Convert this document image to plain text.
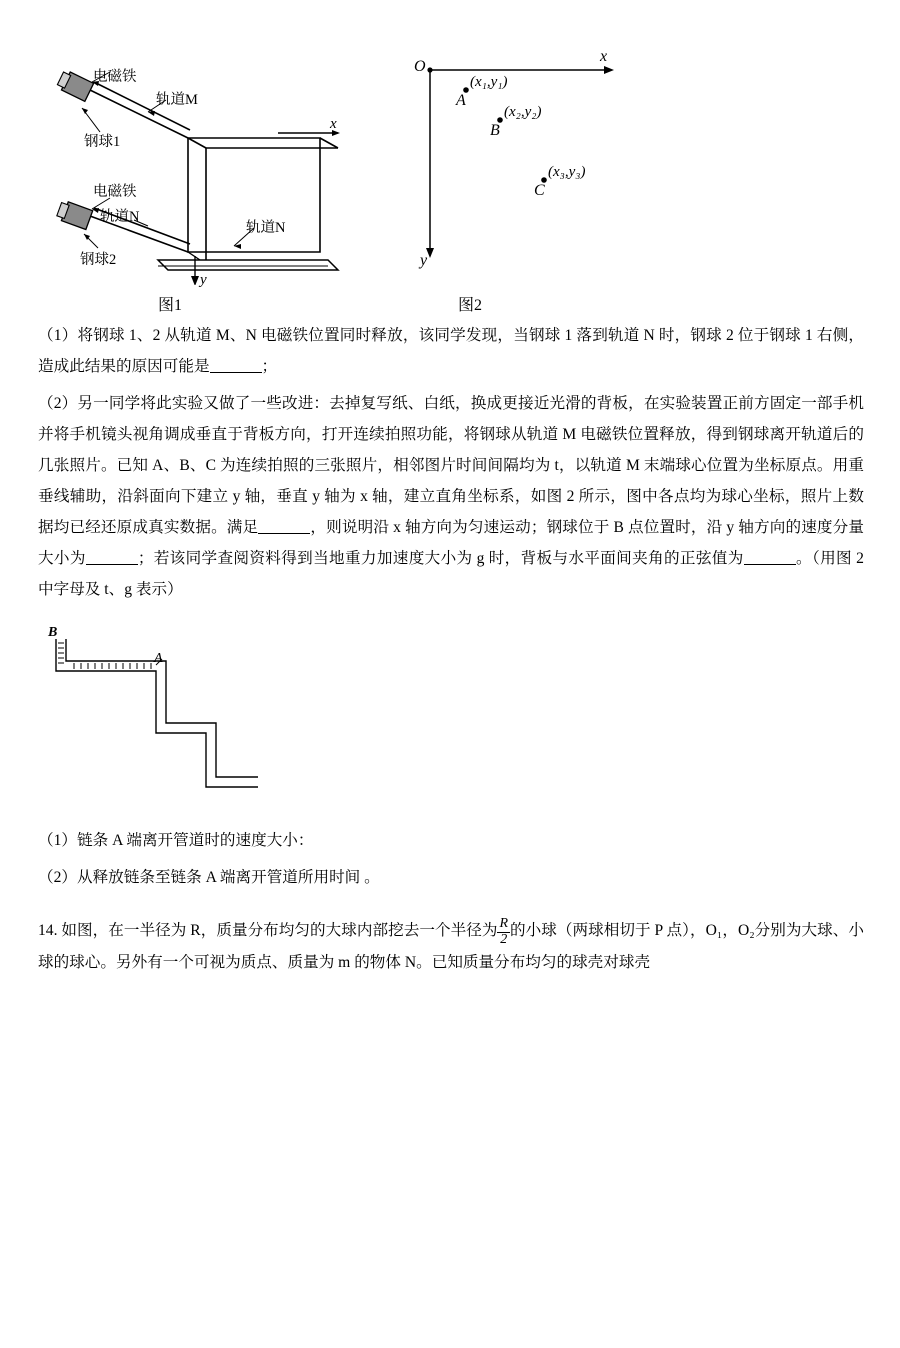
电磁铁
轨道M
钢球1
电磁铁
轨道N
钢球2
轨道N
x
y
O
x
y
A
(x₁,y₁)
B
(x₂,y₂)
C
(x₃,y₃)
图1	图2

（1）将钢球 1、2 从轨道 M、N 电磁铁位置同时释放，该同学发现，当钢球 1 落到轨道 N 时，钢球 2 位于钢球 1 右侧，造成此结果的原因可能是	；

（2）另一同学将此实验又做了一些改进：去掉复写纸、白纸，换成更接近光滑的背板，在实验装置正前方固定一部手机并将手机镜头视角调成垂直于背板方向，打开连续拍照功能，将钢球从轨道 M 电磁铁位置释放，得到钢球离开轨道后的几张照片。已知 A、B、C 为连续拍照的三张照片，相邻图片时间间隔均为 t，以轨道 M 末端球心位置为坐标原点。用重垂线辅助，沿斜面向下建立 y 轴，垂直 y 轴为 x 轴，建立直角坐标系，如图 2 所示，图中各点均为球心坐标，照片上数据均已经还原成真实数据。满足	，则说明沿 x 轴方向为匀速运动；钢球位于 B 点位置时，沿 y 轴方向的速度分量大小为	；若该同学查阅资料得到当地重力加速度大小为 g 时，背板与水平面间夹角的正弦值为	。（用图 2 中字母及 t、g 表示）

B
A

（1）链条 A 端离开管道时的速度大小：

（2）从释放链条至链条 A 端离开管道所用时间 。

14. 如图，在一半径为 R，质量分布均匀的大球内部挖去一个半径为 $\frac{R}{2}$ 的小球（两球相切于 P 点），O₁，O₂分别为大球、小球的球心。另外有一个可视为质点、质量为 m 的物体 N。已知质量分布均匀的球壳对球壳
